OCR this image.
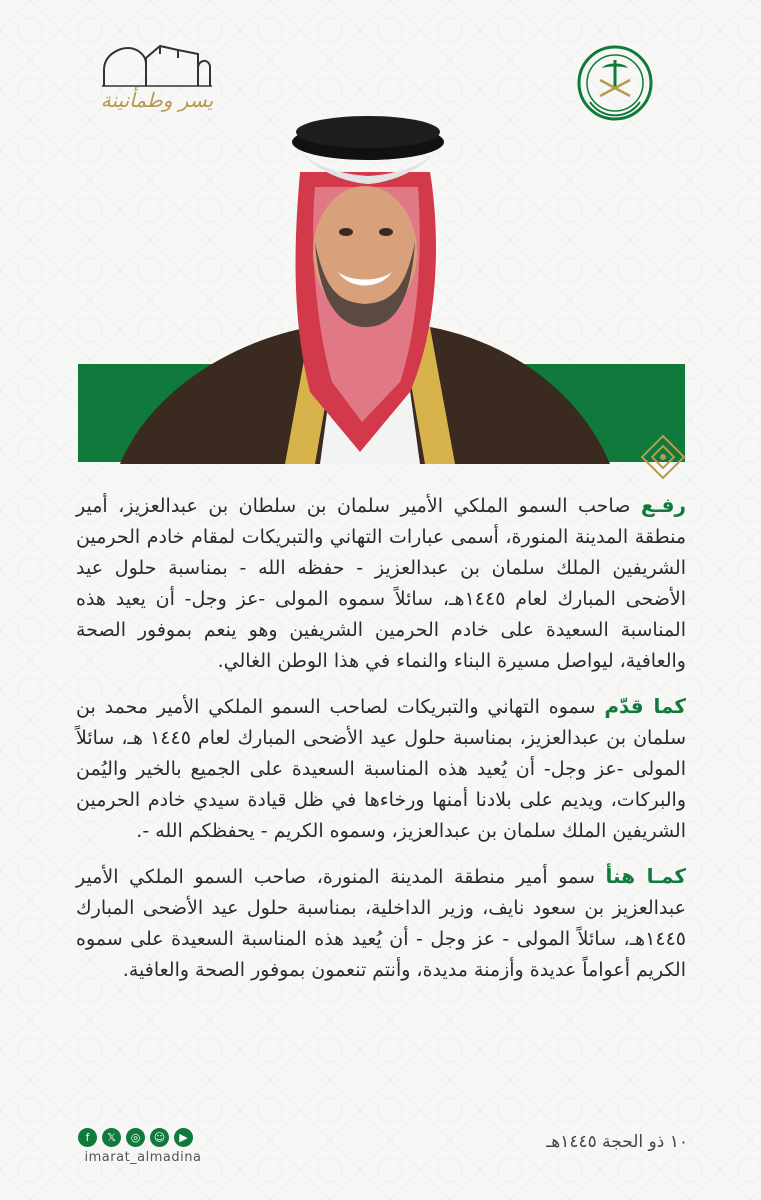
يسر وطمأنينة

رفـع صاحب السمو الملكي الأمير سلمان بن سلطان بن عبدالعزيز، أمير منطقة المدينة المنورة، أسمى عبارات التهاني والتبريكات لمقام خادم الحرمين الشريفين الملك سلمان بن عبدالعزيز - حفظه الله - بمناسبة حلول عيد الأضحى المبارك لعام ١٤٤٥هـ، سائلاً سموه المولى -عز وجل- أن يعيد هذه المناسبة السعيدة على خادم الحرمين الشريفين وهو ينعم بموفور الصحة والعافية، ليواصل مسيرة البناء والنماء في هذا الوطن الغالي.

كما قدّم سموه التهاني والتبريكات لصاحب السمو الملكي الأمير محمد بن سلمان بن عبدالعزيز، بمناسبة حلول عيد الأضحى المبارك لعام ١٤٤٥ هـ، سائلاً المولى -عز وجل- أن يُعيد هذه المناسبة السعيدة على الجميع بالخير واليُمن والبركات، ويديم على بلادنا أمنها ورخاءها في ظل قيادة سيدي خادم الحرمين الشريفين الملك سلمان بن عبدالعزيز، وسموه الكريم - يحفظكم الله -.

كمـا هنأ سمو أمير منطقة المدينة المنورة، صاحب السمو الملكي الأمير عبدالعزيز بن سعود نايف، وزير الداخلية، بمناسبة حلول عيد الأضحى المبارك ١٤٤٥هـ، سائلاً المولى - عز وجل - أن يُعيد هذه المناسبة السعيدة على سموه الكريم أعواماً عديدة وأزمنة مديدة، وأنتم تنعمون بموفور الصحة والعافية.

f	𝕏	◎	☺	▶
imarat_almadina
١٠ ذو الحجة ١٤٤٥هـ
